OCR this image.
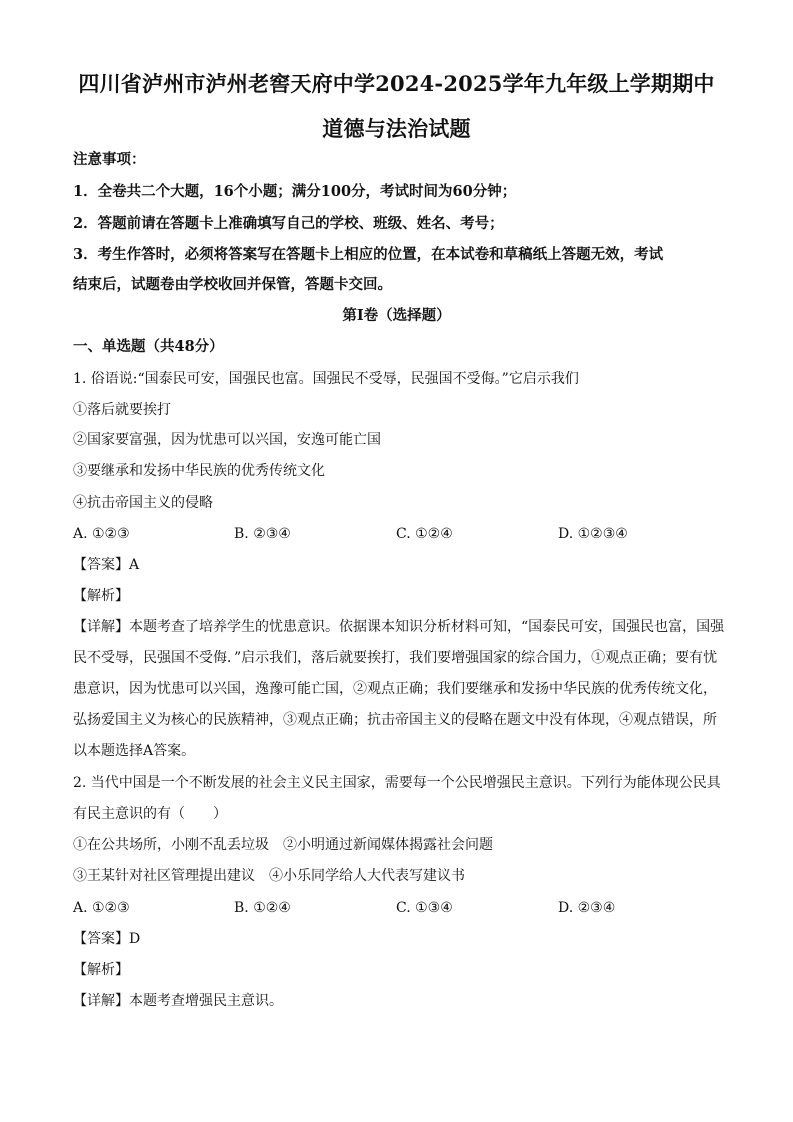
四川省泸州市泸州老窖天府中学2024-2025学年九年级上学期期中
道德与法治试题
注意事项：
1．全卷共二个大题，16个小题；满分100分，考试时间为60分钟；
2．答题前请在答题卡上准确填写自己的学校、班级、姓名、考号；
3．考生作答时，必须将答案写在答题卡上相应的位置，在本试卷和草稿纸上答题无效，考试
结束后，试题卷由学校收回并保管，答题卡交回。
第I卷（选择题）
一、单选题（共48分）
1. 俗语说:“国泰民可安，国强民也富。国强民不受辱，民强国不受侮。”它启示我们
①落后就要挨打
②国家要富强，因为忧患可以兴国，安逸可能亡国
③要继承和发扬中华民族的优秀传统文化
④抗击帝国主义的侵略
A. ①②③	B. ②③④	C. ①②④	D. ①②③④
【答案】A
【解析】
【详解】本题考查了培养学生的忧患意识。依据课本知识分析材料可知，“国泰民可安，国强民也富，国强
民不受辱，民强国不受侮．”启示我们，落后就要挨打，我们要增强国家的综合国力，①观点正确；要有忧
患意识，因为忧患可以兴国，逸豫可能亡国，②观点正确；我们要继承和发扬中华民族的优秀传统文化，
弘扬爱国主义为核心的民族精神，③观点正确；抗击帝国主义的侵略在题文中没有体现，④观点错误，所
以本题选择A答案。
2. 当代中国是一个不断发展的社会主义民主国家，需要每一个公民增强民主意识。下列行为能体现公民具
有民主意识的有（　　）
①在公共场所，小刚不乱丢垃圾　②小明通过新闻媒体揭露社会问题
③王某针对社区管理提出建议　④小乐同学给人大代表写建议书
A. ①②③	B. ①②④	C. ①③④	D. ②③④
【答案】D
【解析】
【详解】本题考查增强民主意识。
